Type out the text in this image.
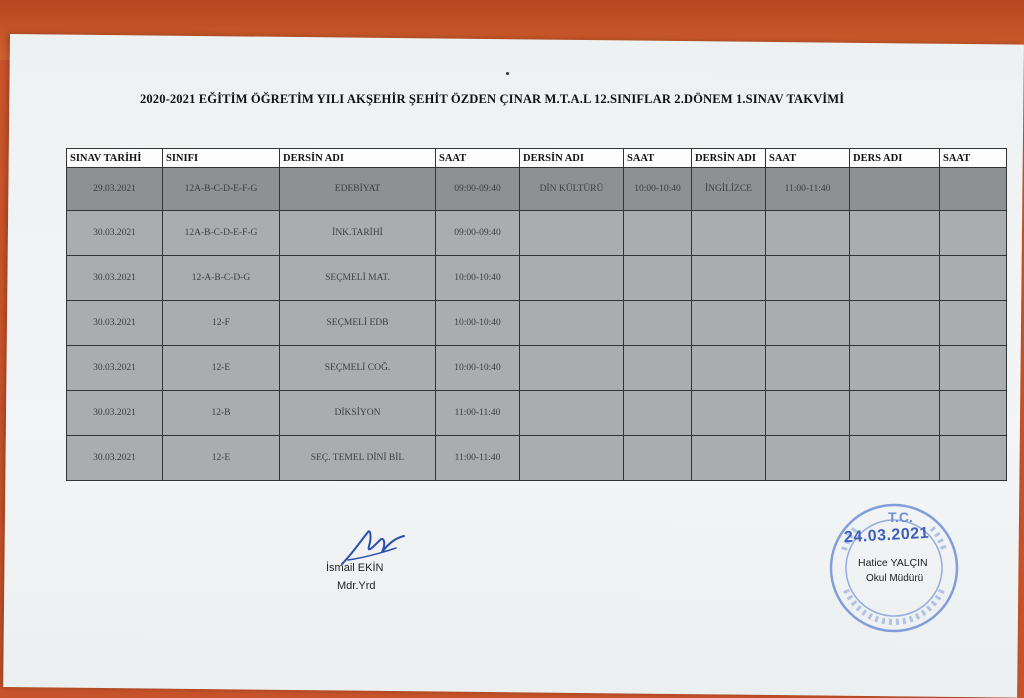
2020-2021 EĞİTİM ÖĞRETİM YILI AKŞEHİR ŞEHİT ÖZDEN ÇINAR M.T.A.L 12.SINIFLAR 2.DÖNEM 1.SINAV TAKVİMİ
SINAV TARİHİ	SINIFI	DERSİN ADI	SAAT	DERSİN ADI	SAAT	DERSİN ADI	SAAT	DERS ADI	SAAT
29.03.2021	12A-B-C-D-E-F-G	EDEBİYAT	09:00-09:40	DİN KÜLTÜRÜ	10:00-10:40	İNGİLİZCE	11:00-11:40		
30.03.2021	12A-B-C-D-E-F-G	İNK.TARİHİ	09:00-09:40						
30.03.2021	12-A-B-C-D-G	SEÇMELİ MAT.	10:00-10:40						
30.03.2021	12-F	SEÇMELİ EDB	10:00-10:40						
30.03.2021	12-E	SEÇMELİ COĞ.	10:00-10:40						
30.03.2021	12-B	DİKSİYON	11:00-11:40						
30.03.2021	12-E	SEÇ. TEMEL DİNİ BİL	11:00-11:40						
İsmail EKİN
Mdr.Yrd
T.C.
24.03.2021
Hatice YALÇIN
Okul Müdürü
